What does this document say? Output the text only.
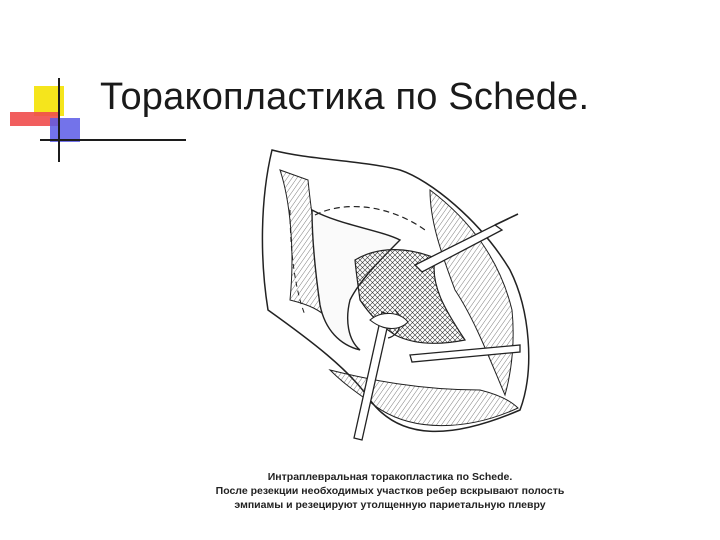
Торакопластика по Schede.
Интраплевральная торакопластика по Schede.
После резекции необходимых участков ребер вскрывают полость
эмпиамы и резецируют утолщенную париетальную плевру
